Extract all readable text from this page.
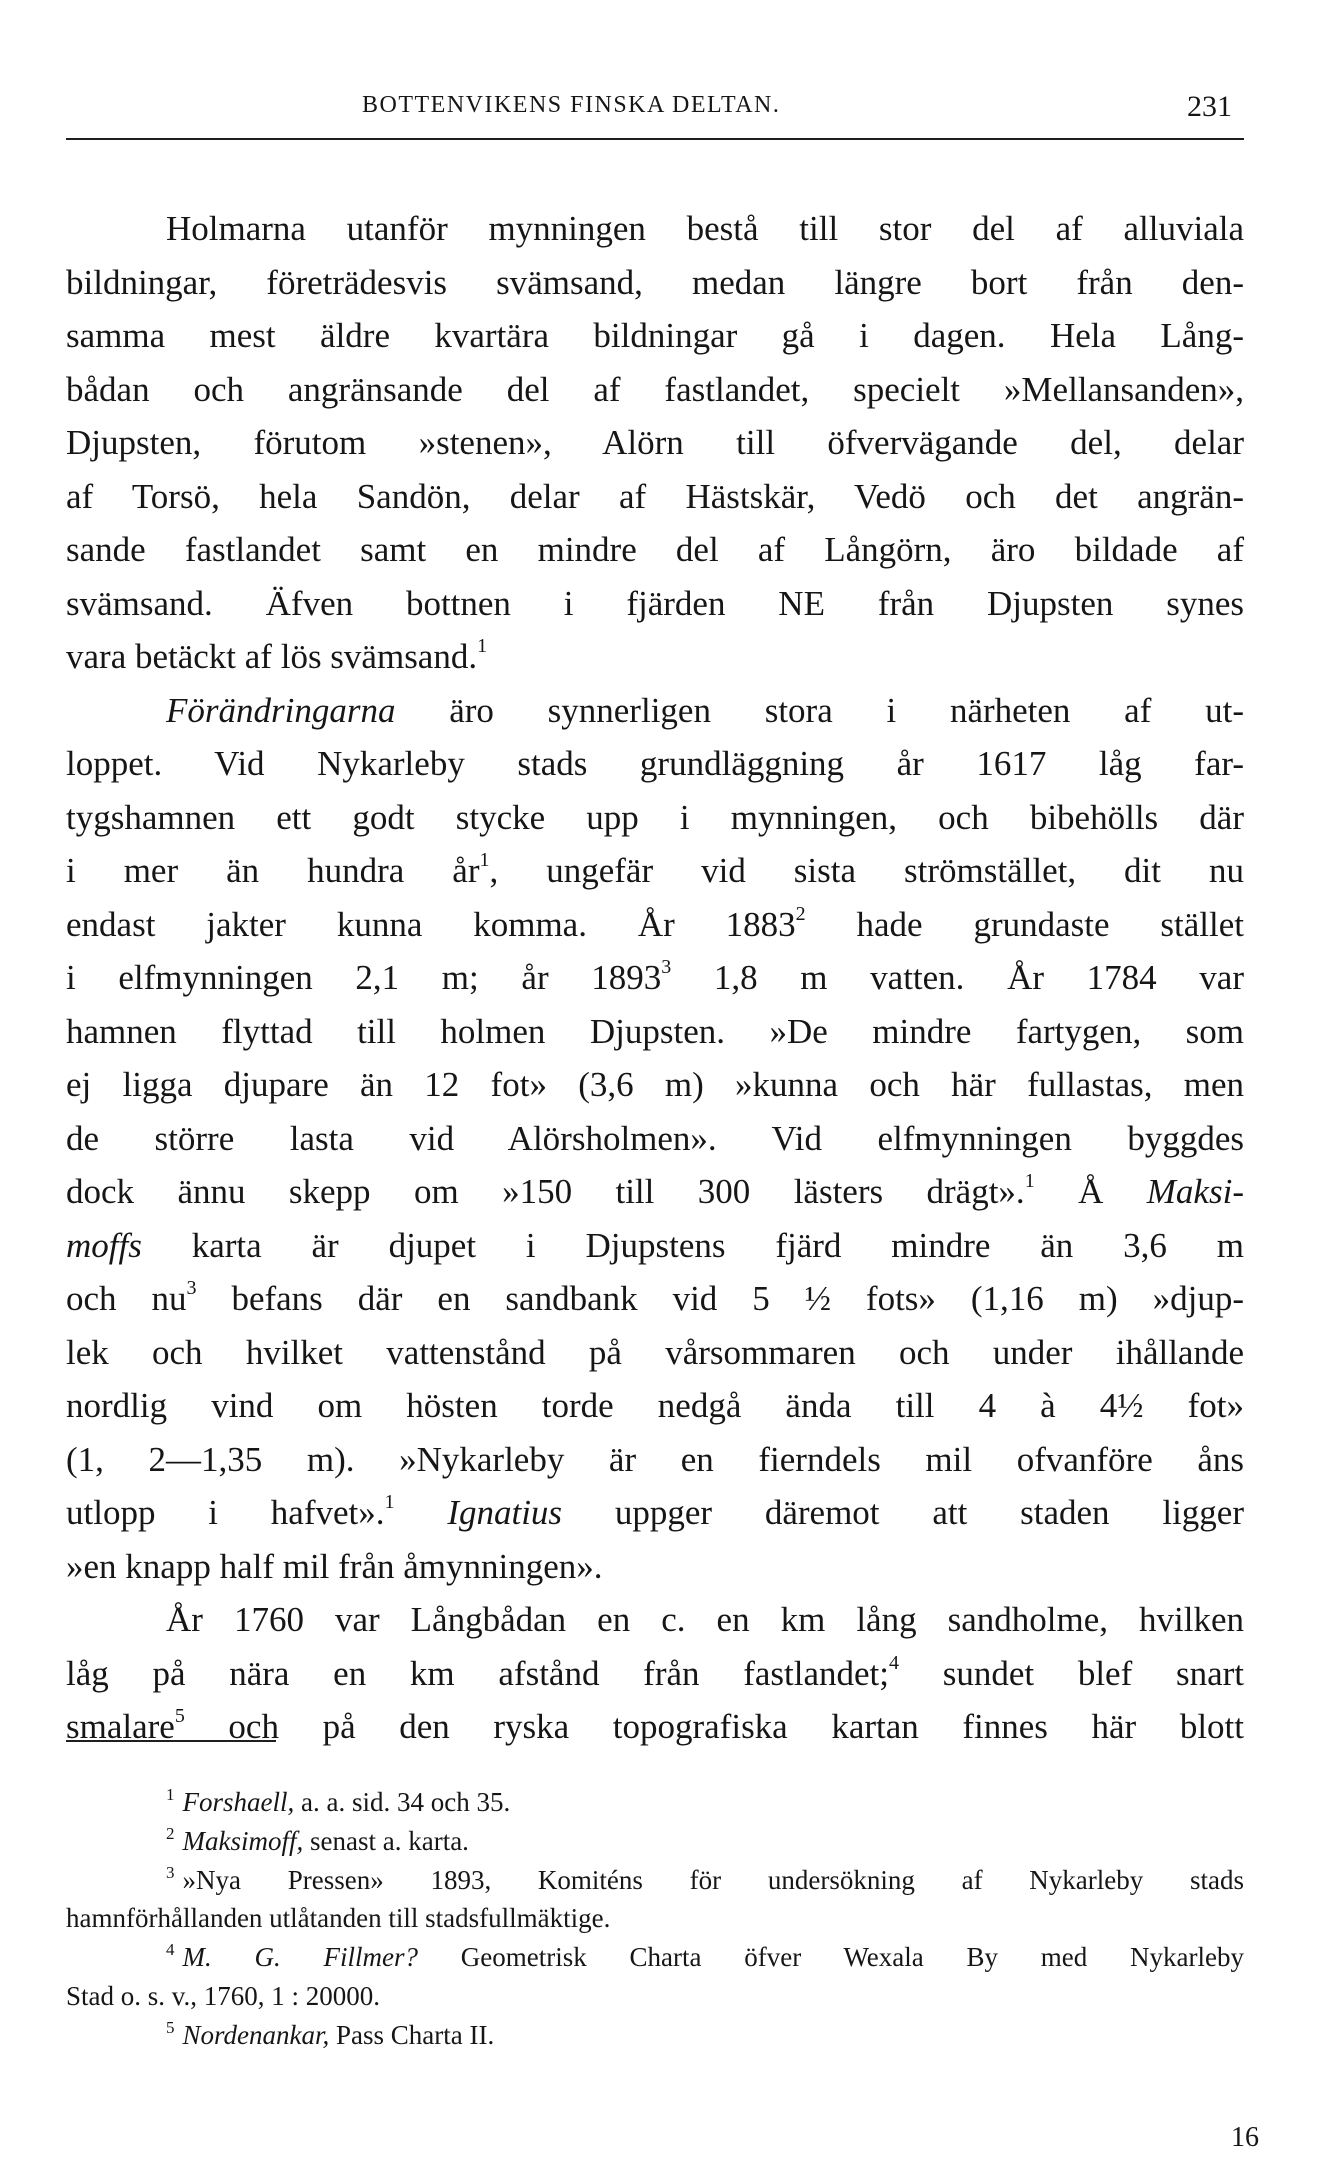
BOTTENVIKENS FINSKA DELTAN.	231
Holmarna utanför mynningen bestå till stor del af alluviala
bildningar, företrädesvis svämsand, medan längre bort från den-
samma mest äldre kvartära bildningar gå i dagen. Hela Lång-
bådan och angränsande del af fastlandet, specielt »Mellansanden»,
Djupsten, förutom »stenen», Alörn till öfvervägande del, delar
af Torsö, hela Sandön, delar af Hästskär, Vedö och det angrän-
sande fastlandet samt en mindre del af Långörn, äro bildade af
svämsand. Äfven bottnen i fjärden NE från Djupsten synes
vara betäckt af lös svämsand.$^1$
Förändringarna äro synnerligen stora i närheten af ut-
loppet. Vid Nykarleby stads grundläggning år 1617 låg far-
tygshamnen ett godt stycke upp i mynningen, och bibehölls där
i mer än hundra $år^1$, ungefär vid sista strömstället, dit nu
endast jakter kunna komma. År 1883$^2$ hade grundaste stället
i elfmynningen 2,1 m; år 1893$^3$ 1,8 m vatten. År 1784 var
hamnen flyttad till holmen Djupsten. »De mindre fartygen, som
ej ligga djupare än 12 fot» (3,6 m) »kunna och här fullastas, men
de större lasta vid Alörsholmen». Vid elfmynningen byggdes
dock ännu skepp om »150 till 300 lästers drägt».$^1$ Å Maksi-
moffs karta är djupet i Djupstens fjärd mindre än 3,6 m
och $nu^3$ befans där en sandbank vid 5 ½ fots» (1,16 m) »djup-
lek och hvilket vattenstånd på vårsommaren och under ihållande
nordlig vind om hösten torde nedgå ända till 4 à 4½ fot»
(1, 2—1,35 m). »Nykarleby är en fierndels mil ofvanföre åns
utlopp i hafvet».$^1$ Ignatius uppger däremot att staden ligger
»en knapp half mil från åmynningen».
År 1760 var Långbådan en c. en km lång sandholme, hvilken
låg på nära en km afstånd från fastlandet;$^4$ sundet blef snart
smalare$^5$ och på den ryska topografiska kartan finnes här blott
$^1$ Forshaell, a. a. sid. 34 och 35.
$^2$ Maksimoff, senast a. karta.
$^3$ »Nya Pressen» 1893, Komiténs för undersökning af Nykarleby stads
hamnförhållanden utlåtanden till stadsfullmäktige.
$^4$ M. G. Fillmer? Geometrisk Charta öfver Wexala By med Nykarleby
Stad o. s. v., 1760, 1 : 20000.
$^5$ Nordenankar, Pass Charta II.
16
